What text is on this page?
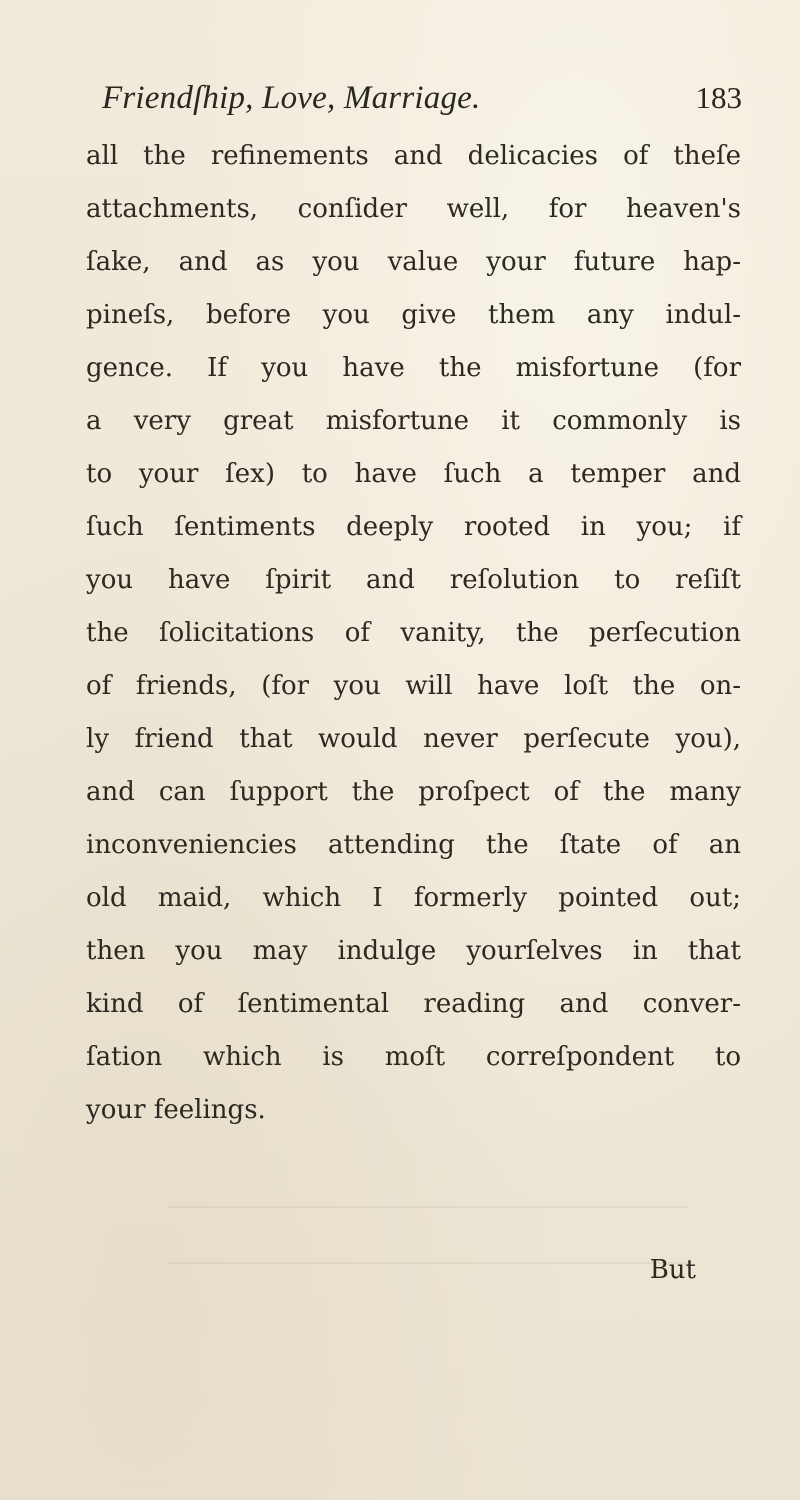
Friendſhip, Love, Marriage.	183
all the refinements and delicacies of theſe
attachments, conſider well, for heaven's
ſake, and as you value your future hap-
pineſs, before you give them any indul-
gence. If you have the misfortune (for
a very great misfortune it commonly is
to your ſex) to have ſuch a temper and
ſuch ſentiments deeply rooted in you; if
you have ſpirit and reſolution to reſiſt
the ſolicitations of vanity, the perſecution
of friends, (for you will have loſt the on-
ly friend that would never perſecute you),
and can ſupport the proſpect of the many
inconveniencies attending the ſtate of an
old maid, which I formerly pointed out;
then you may indulge yourſelves in that
kind of ſentimental reading and conver-
ſation which is moſt correſpondent to
your feelings.
But
